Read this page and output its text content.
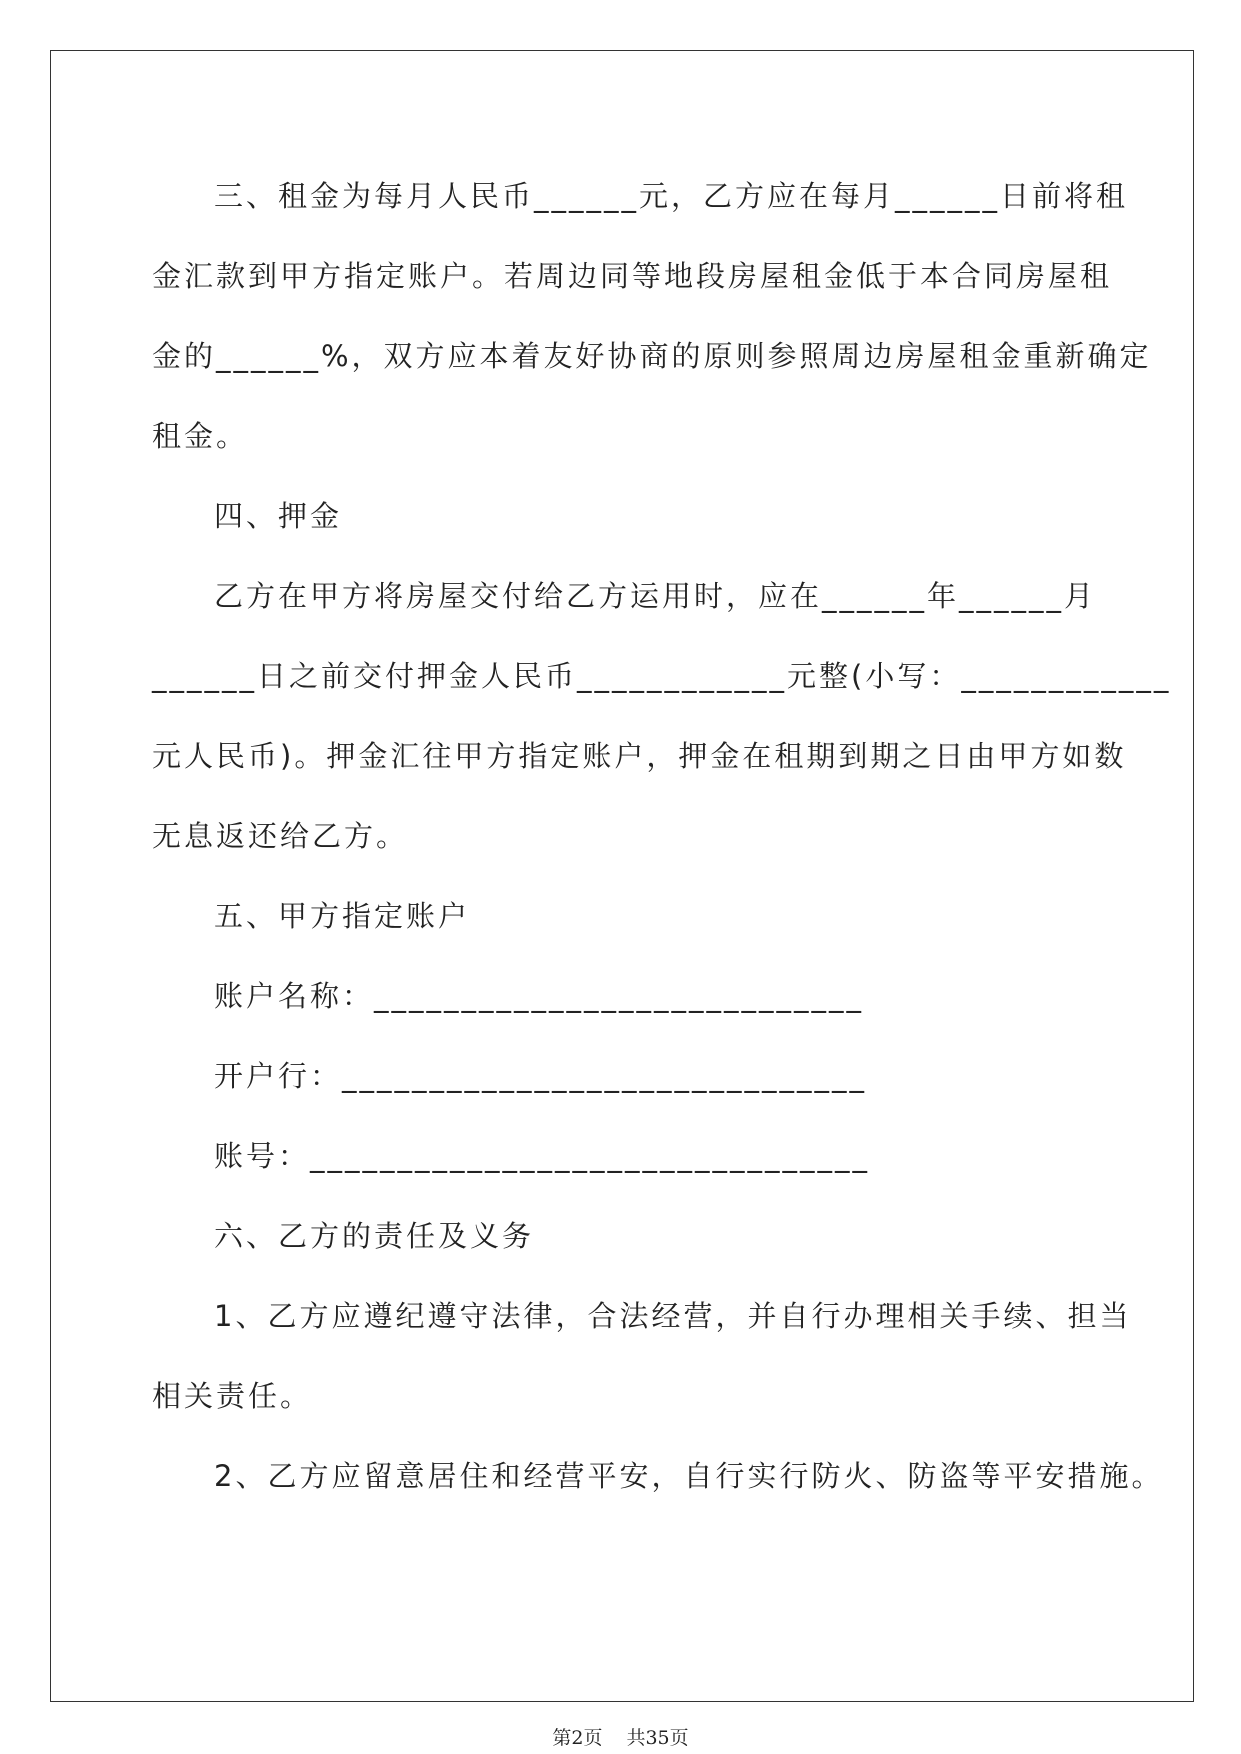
三、租金为每月人民币______元，乙方应在每月______日前将租
金汇款到甲方指定账户。若周边同等地段房屋租金低于本合同房屋租
金的______%，双方应本着友好协商的原则参照周边房屋租金重新确定
租金。
四、押金
乙方在甲方将房屋交付给乙方运用时，应在______年______月
______日之前交付押金人民币____________元整(小写：____________
元人民币)。押金汇往甲方指定账户，押金在租期到期之日由甲方如数
无息返还给乙方。
五、甲方指定账户
账户名称：____________________________
开户行：______________________________
账号：________________________________
六、乙方的责任及义务
1、乙方应遵纪遵守法律，合法经营，并自行办理相关手续、担当
相关责任。
2、乙方应留意居住和经营平安，自行实行防火、防盗等平安措施。
第2页 共35页
